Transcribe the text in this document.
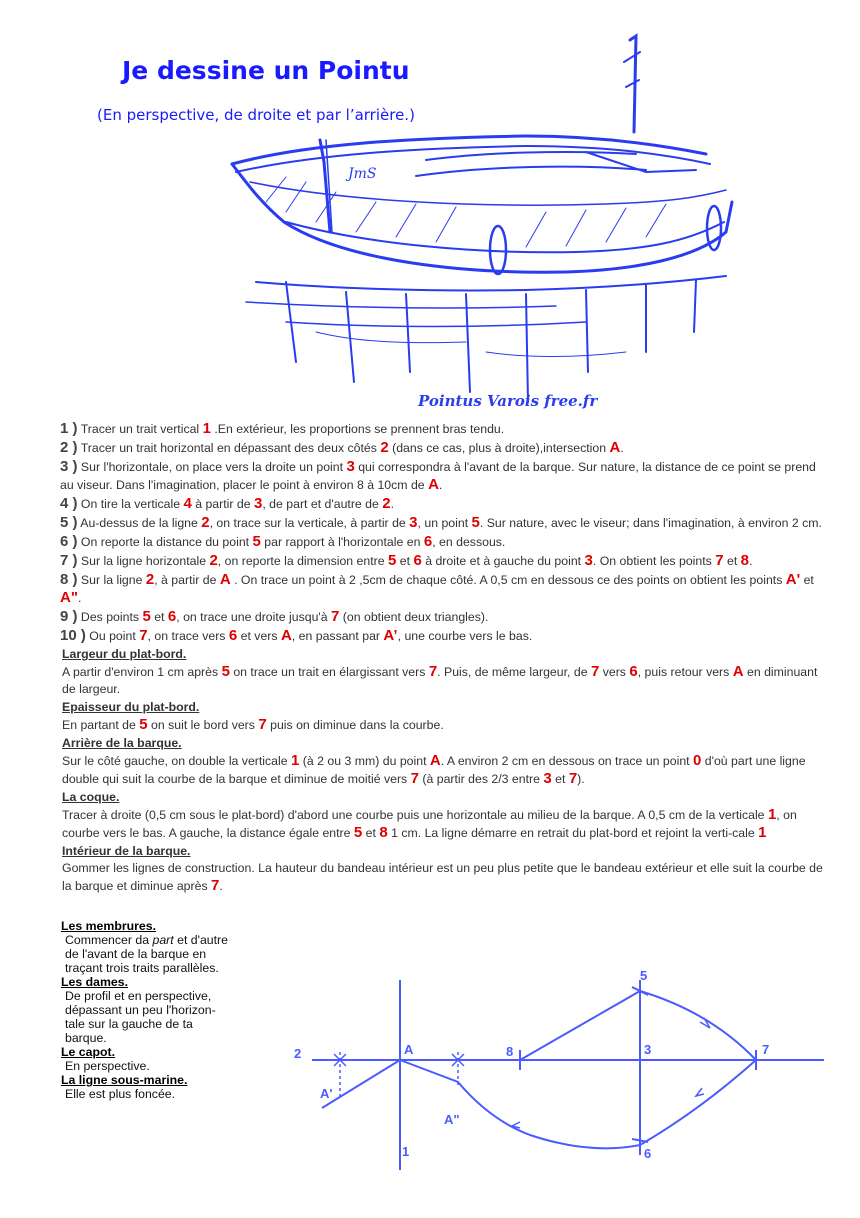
Je dessine un Pointu
(En perspective, de droite et par l’arrière.)
JmS
Pointus Varois free.fr
1 ) Tracer un trait vertical 1 .En extérieur, les proportions se prennent bras tendu.
2 ) Tracer un trait horizontal en dépassant des deux côtés 2 (dans ce cas, plus à droite),intersection A.
3 ) Sur l'horizontale, on place vers la droite un point 3 qui correspondra à l'avant de la barque. Sur nature, la distance de ce point se prend au viseur. Dans l'imagination, placer le point à environ 8 à 10cm de A.
4 ) On tire la verticale 4 à partir de 3, de part et d'autre de 2.
5 ) Au-dessus de la ligne 2, on trace sur la verticale, à partir de 3, un point 5. Sur nature, avec le viseur; dans l'imagination, à environ 2 cm.
6 ) On reporte la distance du point 5 par rapport à l'horizontale en 6, en dessous.
7 ) Sur la ligne horizontale 2, on reporte la dimension entre 5 et 6 à droite et à gauche du point 3. On obtient les points 7 et 8.
8 ) Sur la ligne 2, à partir de A . On trace un point à 2 ,5cm de chaque côté. A 0,5 cm en dessous ce des points on obtient les points A' et A".
9 ) Des points 5 et 6, on trace une droite jusqu'à 7 (on obtient deux triangles).
10 ) Ou point 7, on trace vers 6 et vers A, en passant par A’, une courbe vers le bas.
Largeur du plat-bord.
A partir d'environ 1 cm après 5 on trace un trait en élargissant vers 7. Puis, de même largeur, de 7 vers 6, puis retour vers A en diminuant de largeur.
Epaisseur du plat-bord.
En partant de 5 on suit le bord vers 7 puis on diminue dans la courbe.
Arrière de la barque.
Sur le côté gauche, on double la verticale 1 (à 2 ou 3 mm) du point A. A environ 2 cm en dessous on trace un point 0 d'où part une ligne double qui suit la courbe de la barque et diminue de moitié vers 7 (à partir des 2/3 entre 3 et 7).
La coque.
Tracer à droite (0,5 cm sous le plat-bord) d'abord une courbe puis une horizontale au milieu de la barque. A 0,5 cm de la verticale 1, on courbe vers le bas. A gauche, la distance égale entre 5 et 8 1 cm. La ligne démarre en retrait du plat-bord et rejoint la verti-cale 1
Intérieur de la barque.
Gommer les lignes de construction. La hauteur du bandeau intérieur est un peu plus petite que le bandeau extérieur et elle suit la courbe de la barque et diminue après 7.
Les membrures.
Commencer da part et d'autre de l'avant de la barque en traçant trois traits parallèles.
Les dames.
De profil et en perspective, dépassant un peu l'horizon-tale sur la gauche de ta barque.
Le capot.
En perspective.
La ligne sous-marine.
Elle est plus foncée.
2	A
A'
A"
8	3
5
6
7
1
